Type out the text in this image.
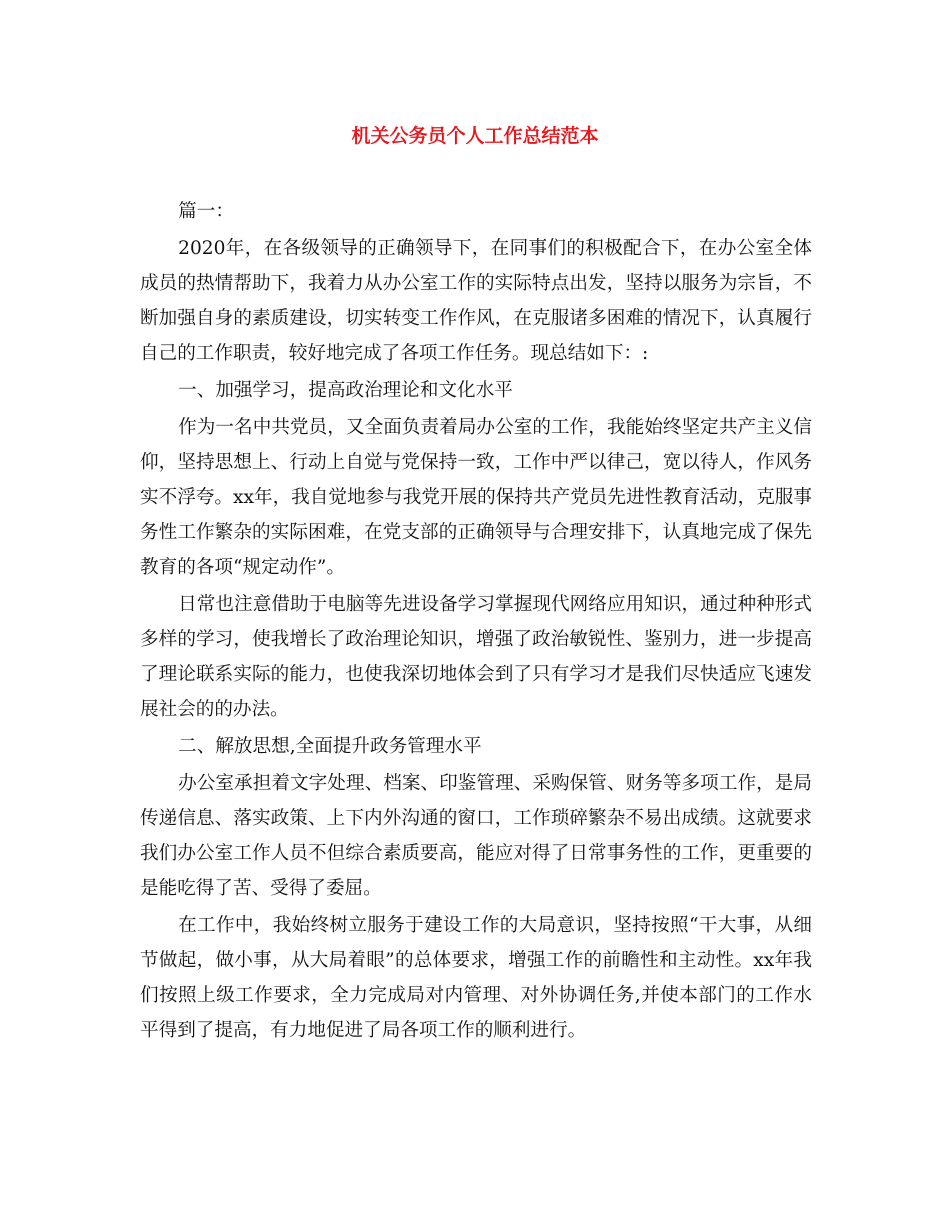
机关公务员个人工作总结范本

篇一：

2020年，在各级领导的正确领导下，在同事们的积极配合下，在办公室全体成员的热情帮助下，我着力从办公室工作的实际特点出发，坚持以服务为宗旨，不断加强自身的素质建设，切实转变工作作风，在克服诸多困难的情况下，认真履行自己的工作职责，较好地完成了各项工作任务。现总结如下：:

一、加强学习，提高政治理论和文化水平

作为一名中共党员，又全面负责着局办公室的工作，我能始终坚定共产主义信仰，坚持思想上、行动上自觉与党保持一致，工作中严以律己，宽以待人，作风务实不浮夸。xx年，我自觉地参与我党开展的保持共产党员先进性教育活动，克服事务性工作繁杂的实际困难，在党支部的正确领导与合理安排下，认真地完成了保先教育的各项“规定动作”。

日常也注意借助于电脑等先进设备学习掌握现代网络应用知识，通过种种形式多样的学习，使我增长了政治理论知识，增强了政治敏锐性、鉴别力，进一步提高了理论联系实际的能力，也使我深切地体会到了只有学习才是我们尽快适应飞速发展社会的的办法。

二、解放思想,全面提升政务管理水平

办公室承担着文字处理、档案、印鉴管理、采购保管、财务等多项工作，是局传递信息、落实政策、上下内外沟通的窗口，工作琐碎繁杂不易出成绩。这就要求我们办公室工作人员不但综合素质要高，能应对得了日常事务性的工作，更重要的是能吃得了苦、受得了委屈。

在工作中，我始终树立服务于建设工作的大局意识，坚持按照“干大事，从细节做起，做小事，从大局着眼”的总体要求，增强工作的前瞻性和主动性。xx年我们按照上级工作要求，全力完成局对内管理、对外协调任务,并使本部门的工作水平得到了提高，有力地促进了局各项工作的顺利进行。
